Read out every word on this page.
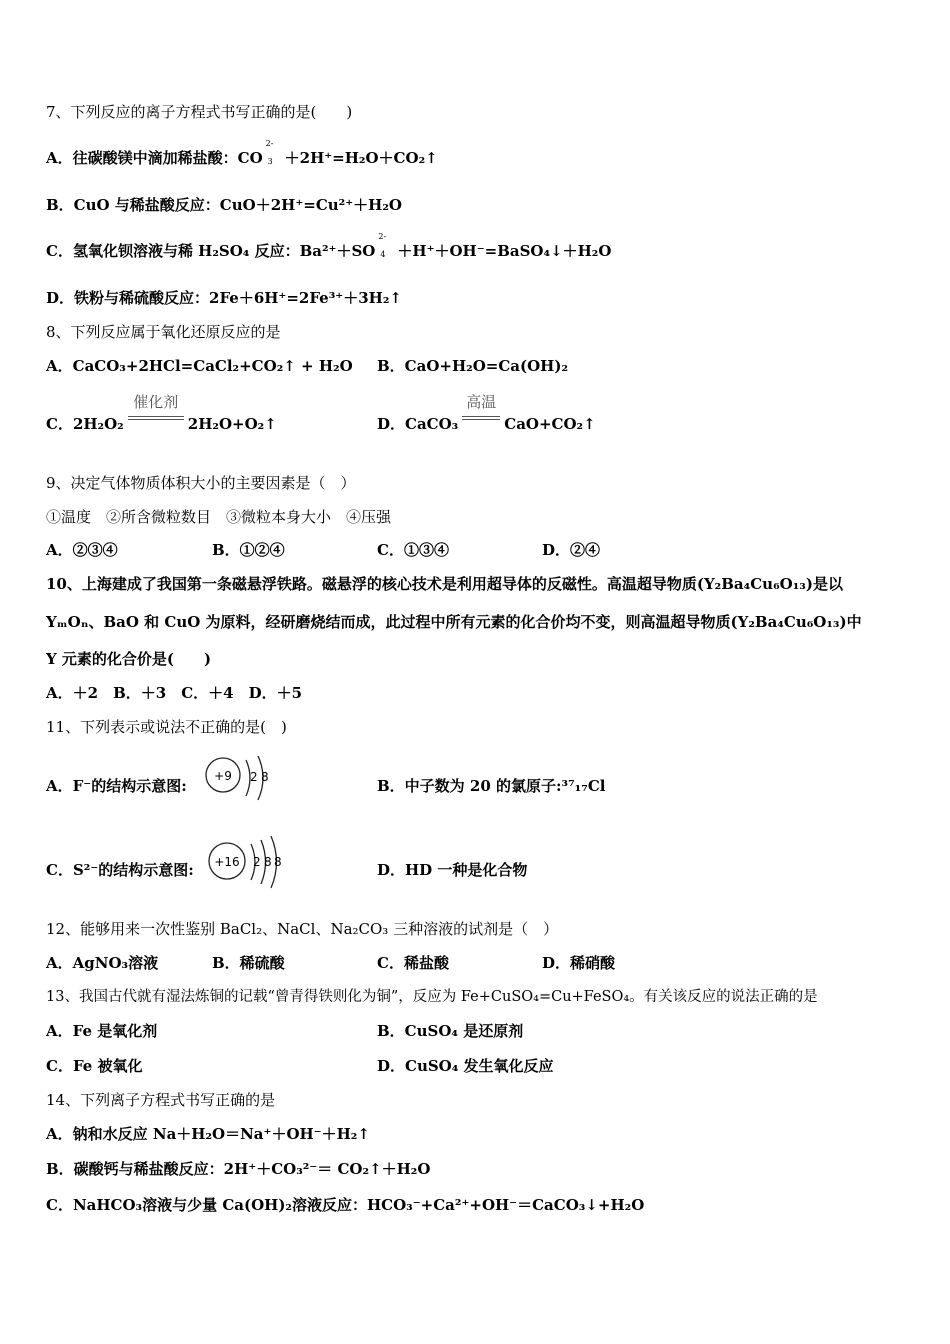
7、下列反应的离子方程式书写正确的是(　　)
A．往碳酸镁中滴加稀盐酸：CO
2-
3 ＋2H⁺=H₂O＋CO₂↑
B．CuO 与稀盐酸反应：CuO＋2H⁺=Cu²⁺＋H₂O
C．氢氧化钡溶液与稀 H₂SO₄ 反应：Ba²⁺＋SO
2-
4 ＋H⁺＋OH⁻=BaSO₄↓＋H₂O
D．铁粉与稀硫酸反应：2Fe＋6H⁺=2Fe³⁺＋3H₂↑
8、下列反应属于氧化还原反应的是
A．CaCO₃+2HCl=CaCl₂+CO₂↑ + H₂O B．CaO+H₂O=Ca(OH)₂
C．2H₂O₂
催化剂
2H₂O+O₂↑	D．CaCO₃
高温
CaO+CO₂↑
9、决定气体物质体积大小的主要因素是（　）
①温度　②所含微粒数目　③微粒本身大小　④压强
A．②③④	B．①②④	C．①③④	D．②④
10、上海建成了我国第一条磁悬浮铁路。磁悬浮的核心技术是利用超导体的反磁性。高温超导物质(Y₂Ba₄Cu₆O₁₃)是以
YₘOₙ、BaO 和 CuO 为原料，经研磨烧结而成，此过程中所有元素的化合价均不变，则高温超导物质(Y₂Ba₄Cu₆O₁₃)中
Y 元素的化合价是(　　)
A．＋2　B．＋3　C．＋4　D．＋5
11、下列表示或说法不正确的是(　)
A．F⁻的结构示意图:
+9 2 8	B．中子数为 20 的氯原子:³⁷₁₇Cl
C．S²⁻的结构示意图: +16 2 8 8	D．HD 一种是化合物
12、能够用来一次性鉴别 BaCl₂、NaCl、Na₂CO₃ 三种溶液的试剂是（　）
A．AgNO₃溶液	B．稀硫酸	C．稀盐酸	D．稀硝酸
13、我国古代就有湿法炼铜的记载“曾青得铁则化为铜”，反应为 Fe+CuSO₄=Cu+FeSO₄。有关该反应的说法正确的是
A．Fe 是氧化剂	B．CuSO₄ 是还原剂
C．Fe 被氧化	D．CuSO₄ 发生氧化反应
14、下列离子方程式书写正确的是
A．钠和水反应 Na＋H₂O＝Na⁺＋OH⁻＋H₂↑
B．碳酸钙与稀盐酸反应：2H⁺＋CO₃²⁻＝ CO₂↑＋H₂O
C．NaHCO₃溶液与少量 Ca(OH)₂溶液反应：HCO₃⁻+Ca²⁺+OH⁻＝CaCO₃↓+H₂O
